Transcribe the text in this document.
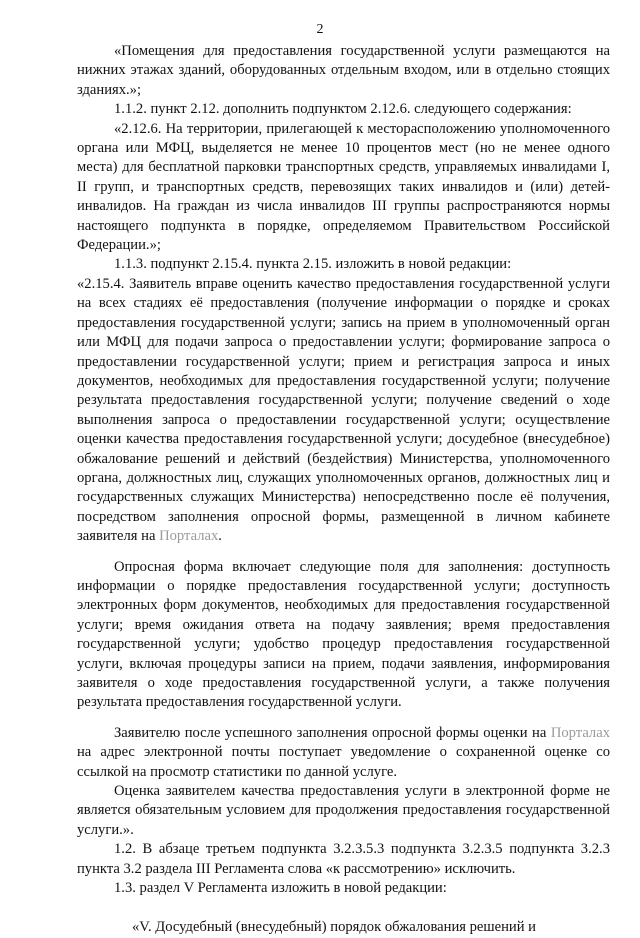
2

«Помещения для предоставления государственной услуги размещаются на нижних этажах зданий, оборудованных отдельным входом, или в отдельно стоящих зданиях.»;

1.1.2. пункт 2.12. дополнить подпунктом 2.12.6. следующего содержания:

«2.12.6. На территории, прилегающей к месторасположению уполномоченного органа или МФЦ, выделяется не менее 10 процентов мест (но не менее одного места) для бесплатной парковки транспортных средств, управляемых инвалидами I, II групп, и транспортных средств, перевозящих таких инвалидов и (или) детей-инвалидов. На граждан из числа инвалидов III группы распространяются нормы настоящего подпункта в порядке, определяемом Правительством Российской Федерации.»;

1.1.3. подпункт 2.15.4. пункта 2.15. изложить в новой редакции:

«2.15.4. Заявитель вправе оценить качество предоставления государственной услуги на всех стадиях её предоставления (получение информации о порядке и сроках предоставления государственной услуги; запись на прием в уполномоченный орган или МФЦ для подачи запроса о предоставлении услуги; формирование запроса о предоставлении государственной услуги; прием и регистрация запроса и иных документов, необходимых для предоставления государственной услуги; получение результата предоставления государственной услуги; получение сведений о ходе выполнения запроса о предоставлении государственной услуги; осуществление оценки качества предоставления государственной услуги; досудебное (внесудебное) обжалование решений и действий (бездействия) Министерства, уполномоченного органа, должностных лиц, служащих уполномоченных органов, должностных лиц и государственных служащих Министерства) непосредственно после её получения, посредством заполнения опросной формы, размещенной в личном кабинете заявителя на Порталах.

Опросная форма включает следующие поля для заполнения: доступность информации о порядке предоставления государственной услуги; доступность электронных форм документов, необходимых для предоставления государственной услуги; время ожидания ответа на подачу заявления; время предоставления государственной услуги; удобство процедур предоставления государственной услуги, включая процедуры записи на прием, подачи заявления, информирования заявителя о ходе предоставления государственной услуги, а также получения результата предоставления государственной услуги.

Заявителю после успешного заполнения опросной формы оценки на Порталах на адрес электронной почты поступает уведомление о сохраненной оценке со ссылкой на просмотр статистики по данной услуге.

Оценка заявителем качества предоставления услуги в электронной форме не является обязательным условием для продолжения предоставления государственной услуги.».

1.2. В абзаце третьем подпункта 3.2.3.5.3 подпункта 3.2.3.5 подпункта 3.2.3 пункта 3.2 раздела III Регламента слова «к рассмотрению» исключить.

1.3. раздел V Регламента изложить в новой редакции:

«V. Досудебный (внесудебный) порядок обжалования решений и
